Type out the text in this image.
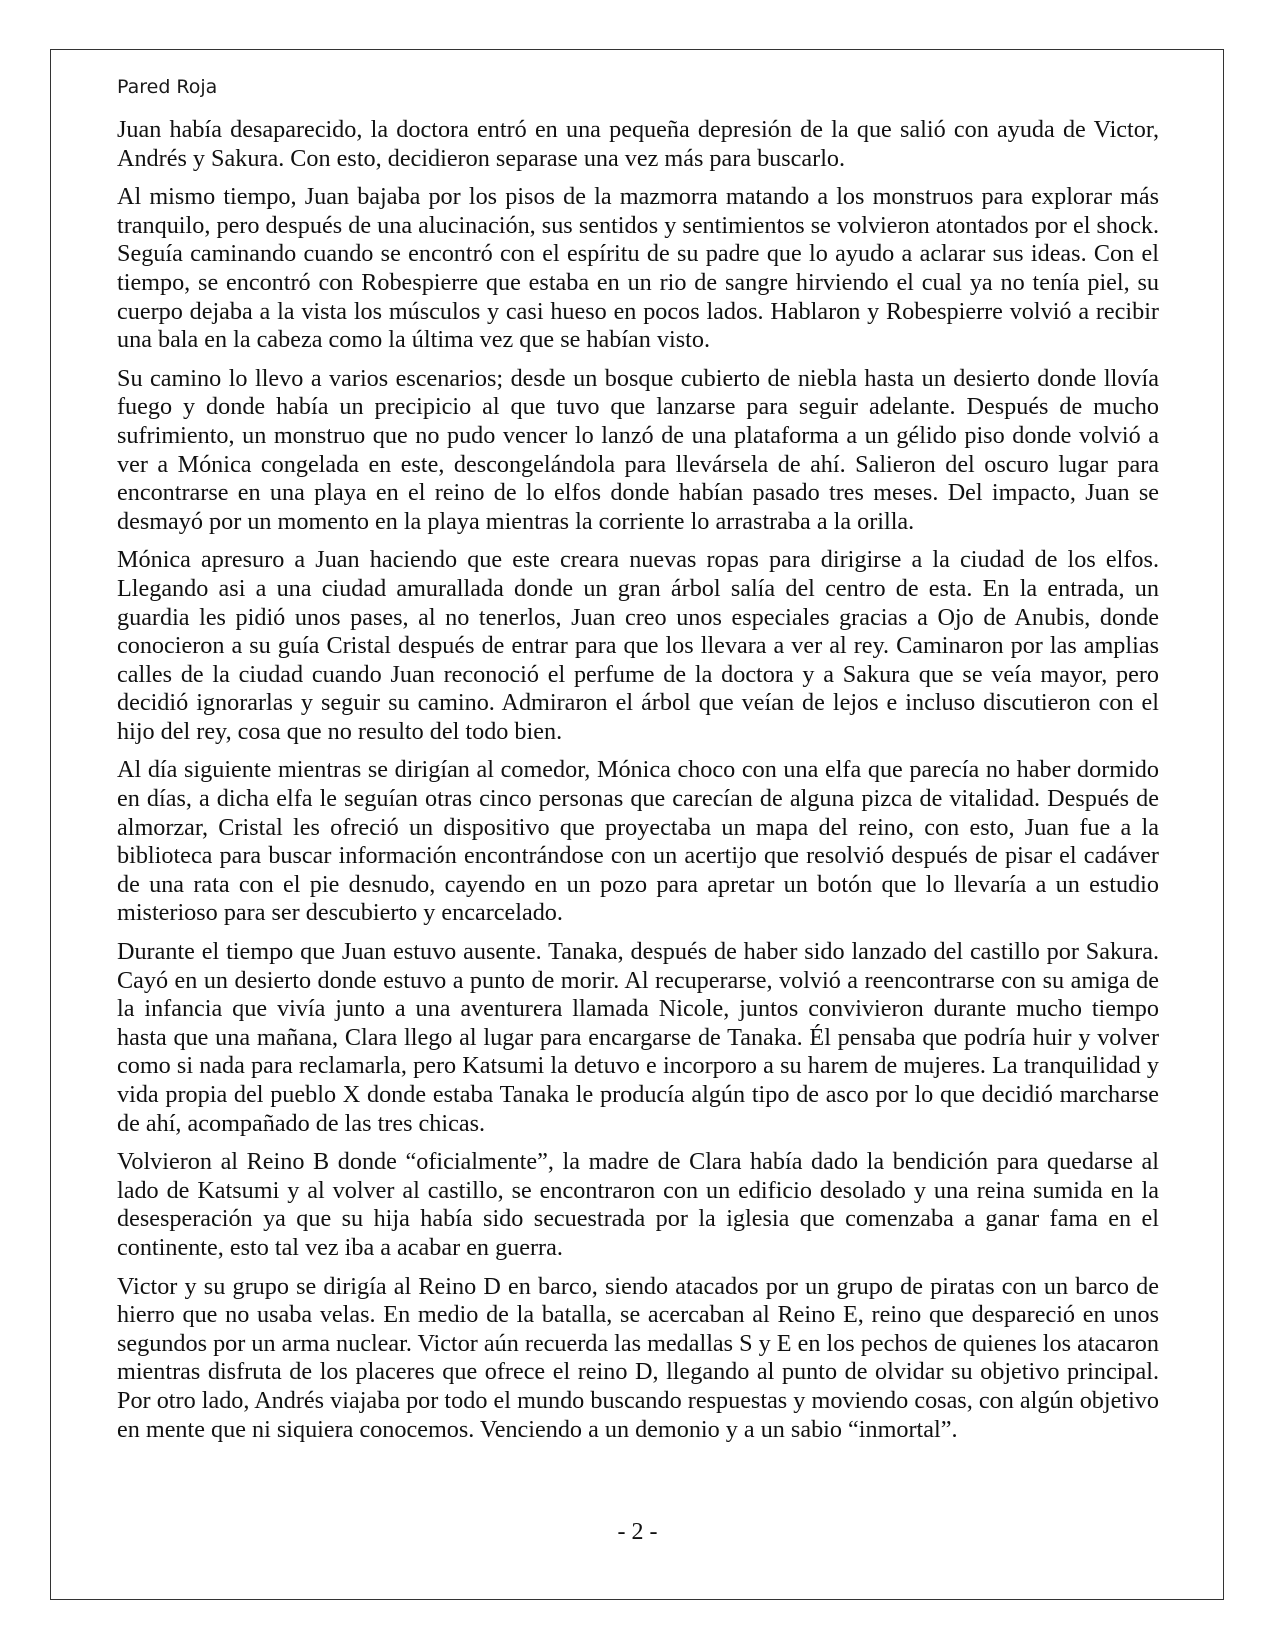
Pared Roja

Juan había desaparecido, la doctora entró en una pequeña depresión de la que salió con ayuda de Victor, Andrés y Sakura. Con esto, decidieron separase una vez más para buscarlo.

Al mismo tiempo, Juan bajaba por los pisos de la mazmorra matando a los monstruos para explorar más tranquilo, pero después de una alucinación, sus sentidos y sentimientos se volvieron atontados por el shock. Seguía caminando cuando se encontró con el espíritu de su padre que lo ayudo a aclarar sus ideas. Con el tiempo, se encontró con Robespierre que estaba en un rio de sangre hirviendo el cual ya no tenía piel, su cuerpo dejaba a la vista los músculos y casi hueso en pocos lados. Hablaron y Robespierre volvió a recibir una bala en la cabeza como la última vez que se habían visto.

Su camino lo llevo a varios escenarios; desde un bosque cubierto de niebla hasta un desierto donde llovía fuego y donde había un precipicio al que tuvo que lanzarse para seguir adelante. Después de mucho sufrimiento, un monstruo que no pudo vencer lo lanzó de una plataforma a un gélido piso donde volvió a ver a Mónica congelada en este, descongelándola para llevársela de ahí. Salieron del oscuro lugar para encontrarse en una playa en el reino de lo elfos donde habían pasado tres meses. Del impacto, Juan se desmayó por un momento en la playa mientras la corriente lo arrastraba a la orilla.

Mónica apresuro a Juan haciendo que este creara nuevas ropas para dirigirse a la ciudad de los elfos. Llegando asi a una ciudad amurallada donde un gran árbol salía del centro de esta. En la entrada, un guardia les pidió unos pases, al no tenerlos, Juan creo unos especiales gracias a Ojo de Anubis, donde conocieron a su guía Cristal después de entrar para que los llevara a ver al rey. Caminaron por las amplias calles de la ciudad cuando Juan reconoció el perfume de la doctora y a Sakura que se veía mayor, pero decidió ignorarlas y seguir su camino. Admiraron el árbol que veían de lejos e incluso discutieron con el hijo del rey, cosa que no resulto del todo bien.

Al día siguiente mientras se dirigían al comedor, Mónica choco con una elfa que parecía no haber dormido en días, a dicha elfa le seguían otras cinco personas que carecían de alguna pizca de vitalidad. Después de almorzar, Cristal les ofreció un dispositivo que proyectaba un mapa del reino, con esto, Juan fue a la biblioteca para buscar información encontrándose con un acertijo que resolvió después de pisar el cadáver de una rata con el pie desnudo, cayendo en un pozo para apretar un botón que lo llevaría a un estudio misterioso para ser descubierto y encarcelado.

Durante el tiempo que Juan estuvo ausente. Tanaka, después de haber sido lanzado del castillo por Sakura. Cayó en un desierto donde estuvo a punto de morir. Al recuperarse, volvió a reencontrarse con su amiga de la infancia que vivía junto a una aventurera llamada Nicole, juntos convivieron durante mucho tiempo hasta que una mañana, Clara llego al lugar para encargarse de Tanaka. Él pensaba que podría huir y volver como si nada para reclamarla, pero Katsumi la detuvo e incorporo a su harem de mujeres. La tranquilidad y vida propia del pueblo X donde estaba Tanaka le producía algún tipo de asco por lo que decidió marcharse de ahí, acompañado de las tres chicas.

Volvieron al Reino B donde “oficialmente”, la madre de Clara había dado la bendición para quedarse al lado de Katsumi y al volver al castillo, se encontraron con un edificio desolado y una reina sumida en la desesperación ya que su hija había sido secuestrada por la iglesia que comenzaba a ganar fama en el continente, esto tal vez iba a acabar en guerra.

Victor y su grupo se dirigía al Reino D en barco, siendo atacados por un grupo de piratas con un barco de hierro que no usaba velas. En medio de la batalla, se acercaban al Reino E, reino que despareció en unos segundos por un arma nuclear. Victor aún recuerda las medallas S y E en los pechos de quienes los atacaron mientras disfruta de los placeres que ofrece el reino D, llegando al punto de olvidar su objetivo principal. Por otro lado, Andrés viajaba por todo el mundo buscando respuestas y moviendo cosas, con algún objetivo en mente que ni siquiera conocemos. Venciendo a un demonio y a un sabio “inmortal”.

- 2 -
